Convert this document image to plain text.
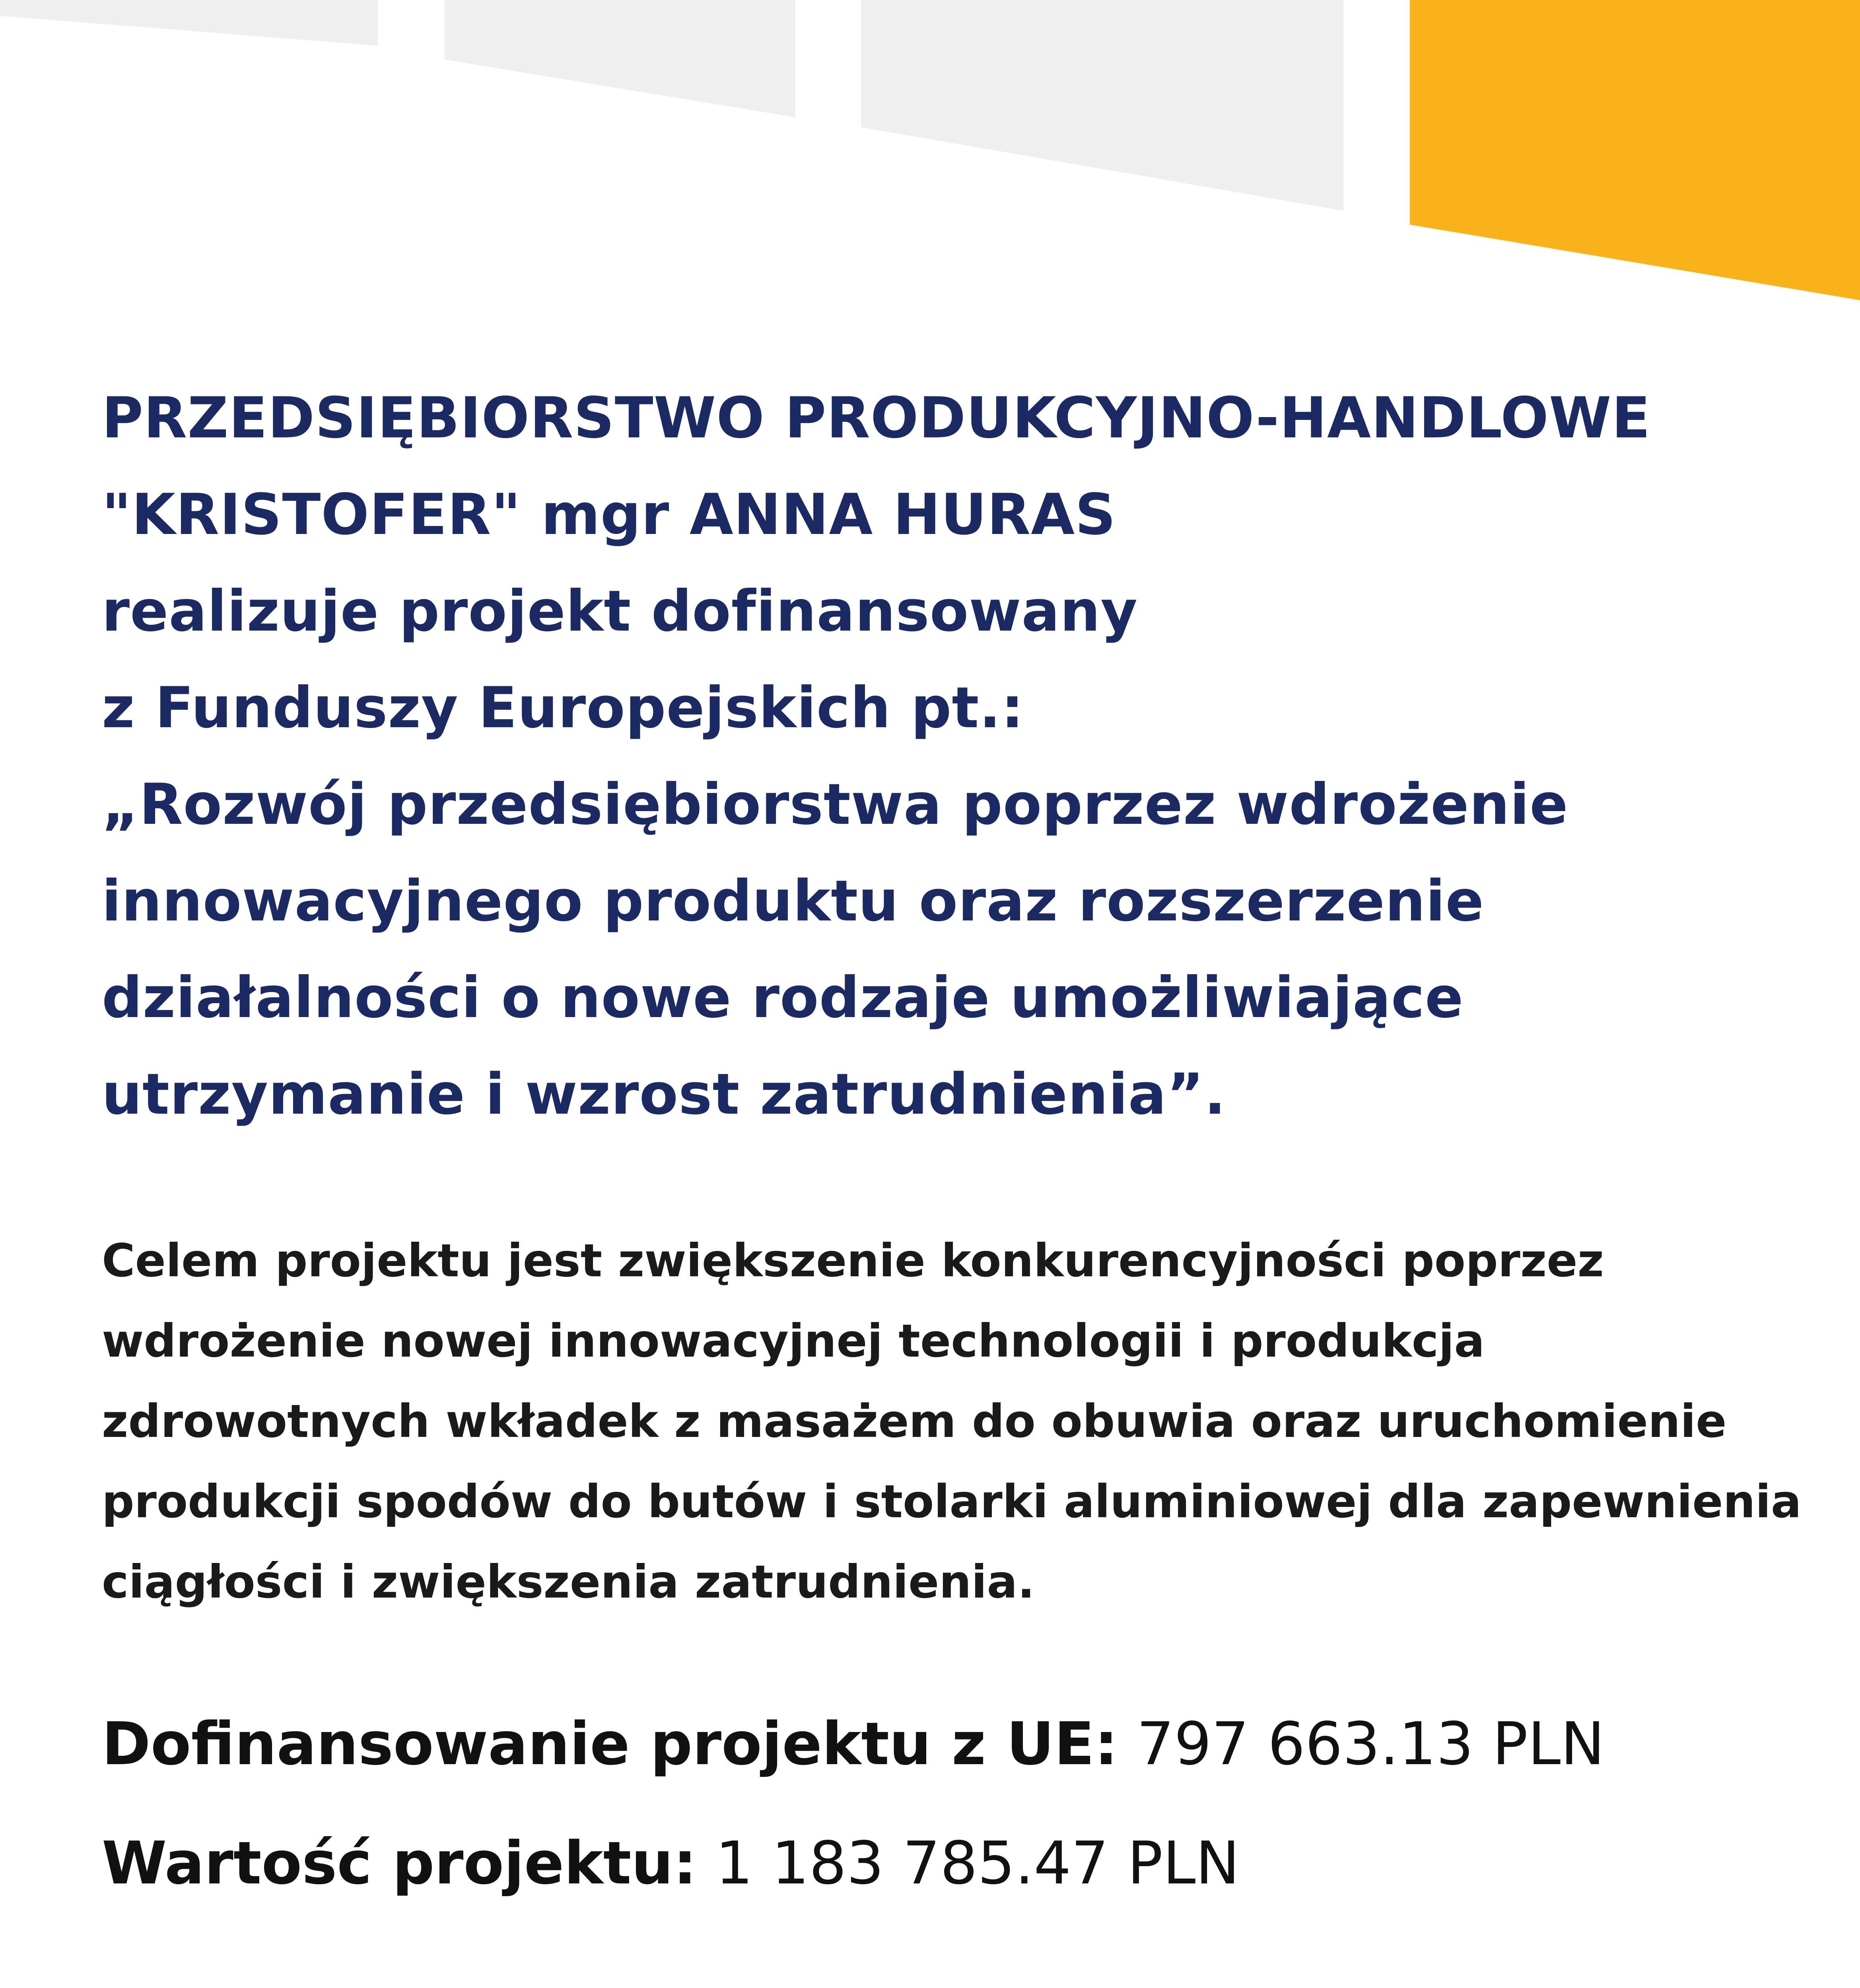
PRZEDSIĘBIORSTWO PRODUKCYJNO-HANDLOWE
"KRISTOFER" mgr ANNA HURAS
realizuje projekt dofinansowany
z Funduszy Europejskich pt.:
„Rozwój przedsiębiorstwa poprzez wdrożenie
innowacyjnego produktu oraz rozszerzenie
działalności o nowe rodzaje umożliwiające
utrzymanie i wzrost zatrudnienia”.
Celem projektu jest zwiększenie konkurencyjności poprzez
wdrożenie nowej innowacyjnej technologii i produkcja
zdrowotnych wkładek z masażem do obuwia oraz uruchomienie
produkcji spodów do butów i stolarki aluminiowej dla zapewnienia
ciągłości i zwiększenia zatrudnienia.
Dofinansowanie projektu z UE: 797 663.13 PLN
Wartość projektu: 1 183 785.47 PLN
